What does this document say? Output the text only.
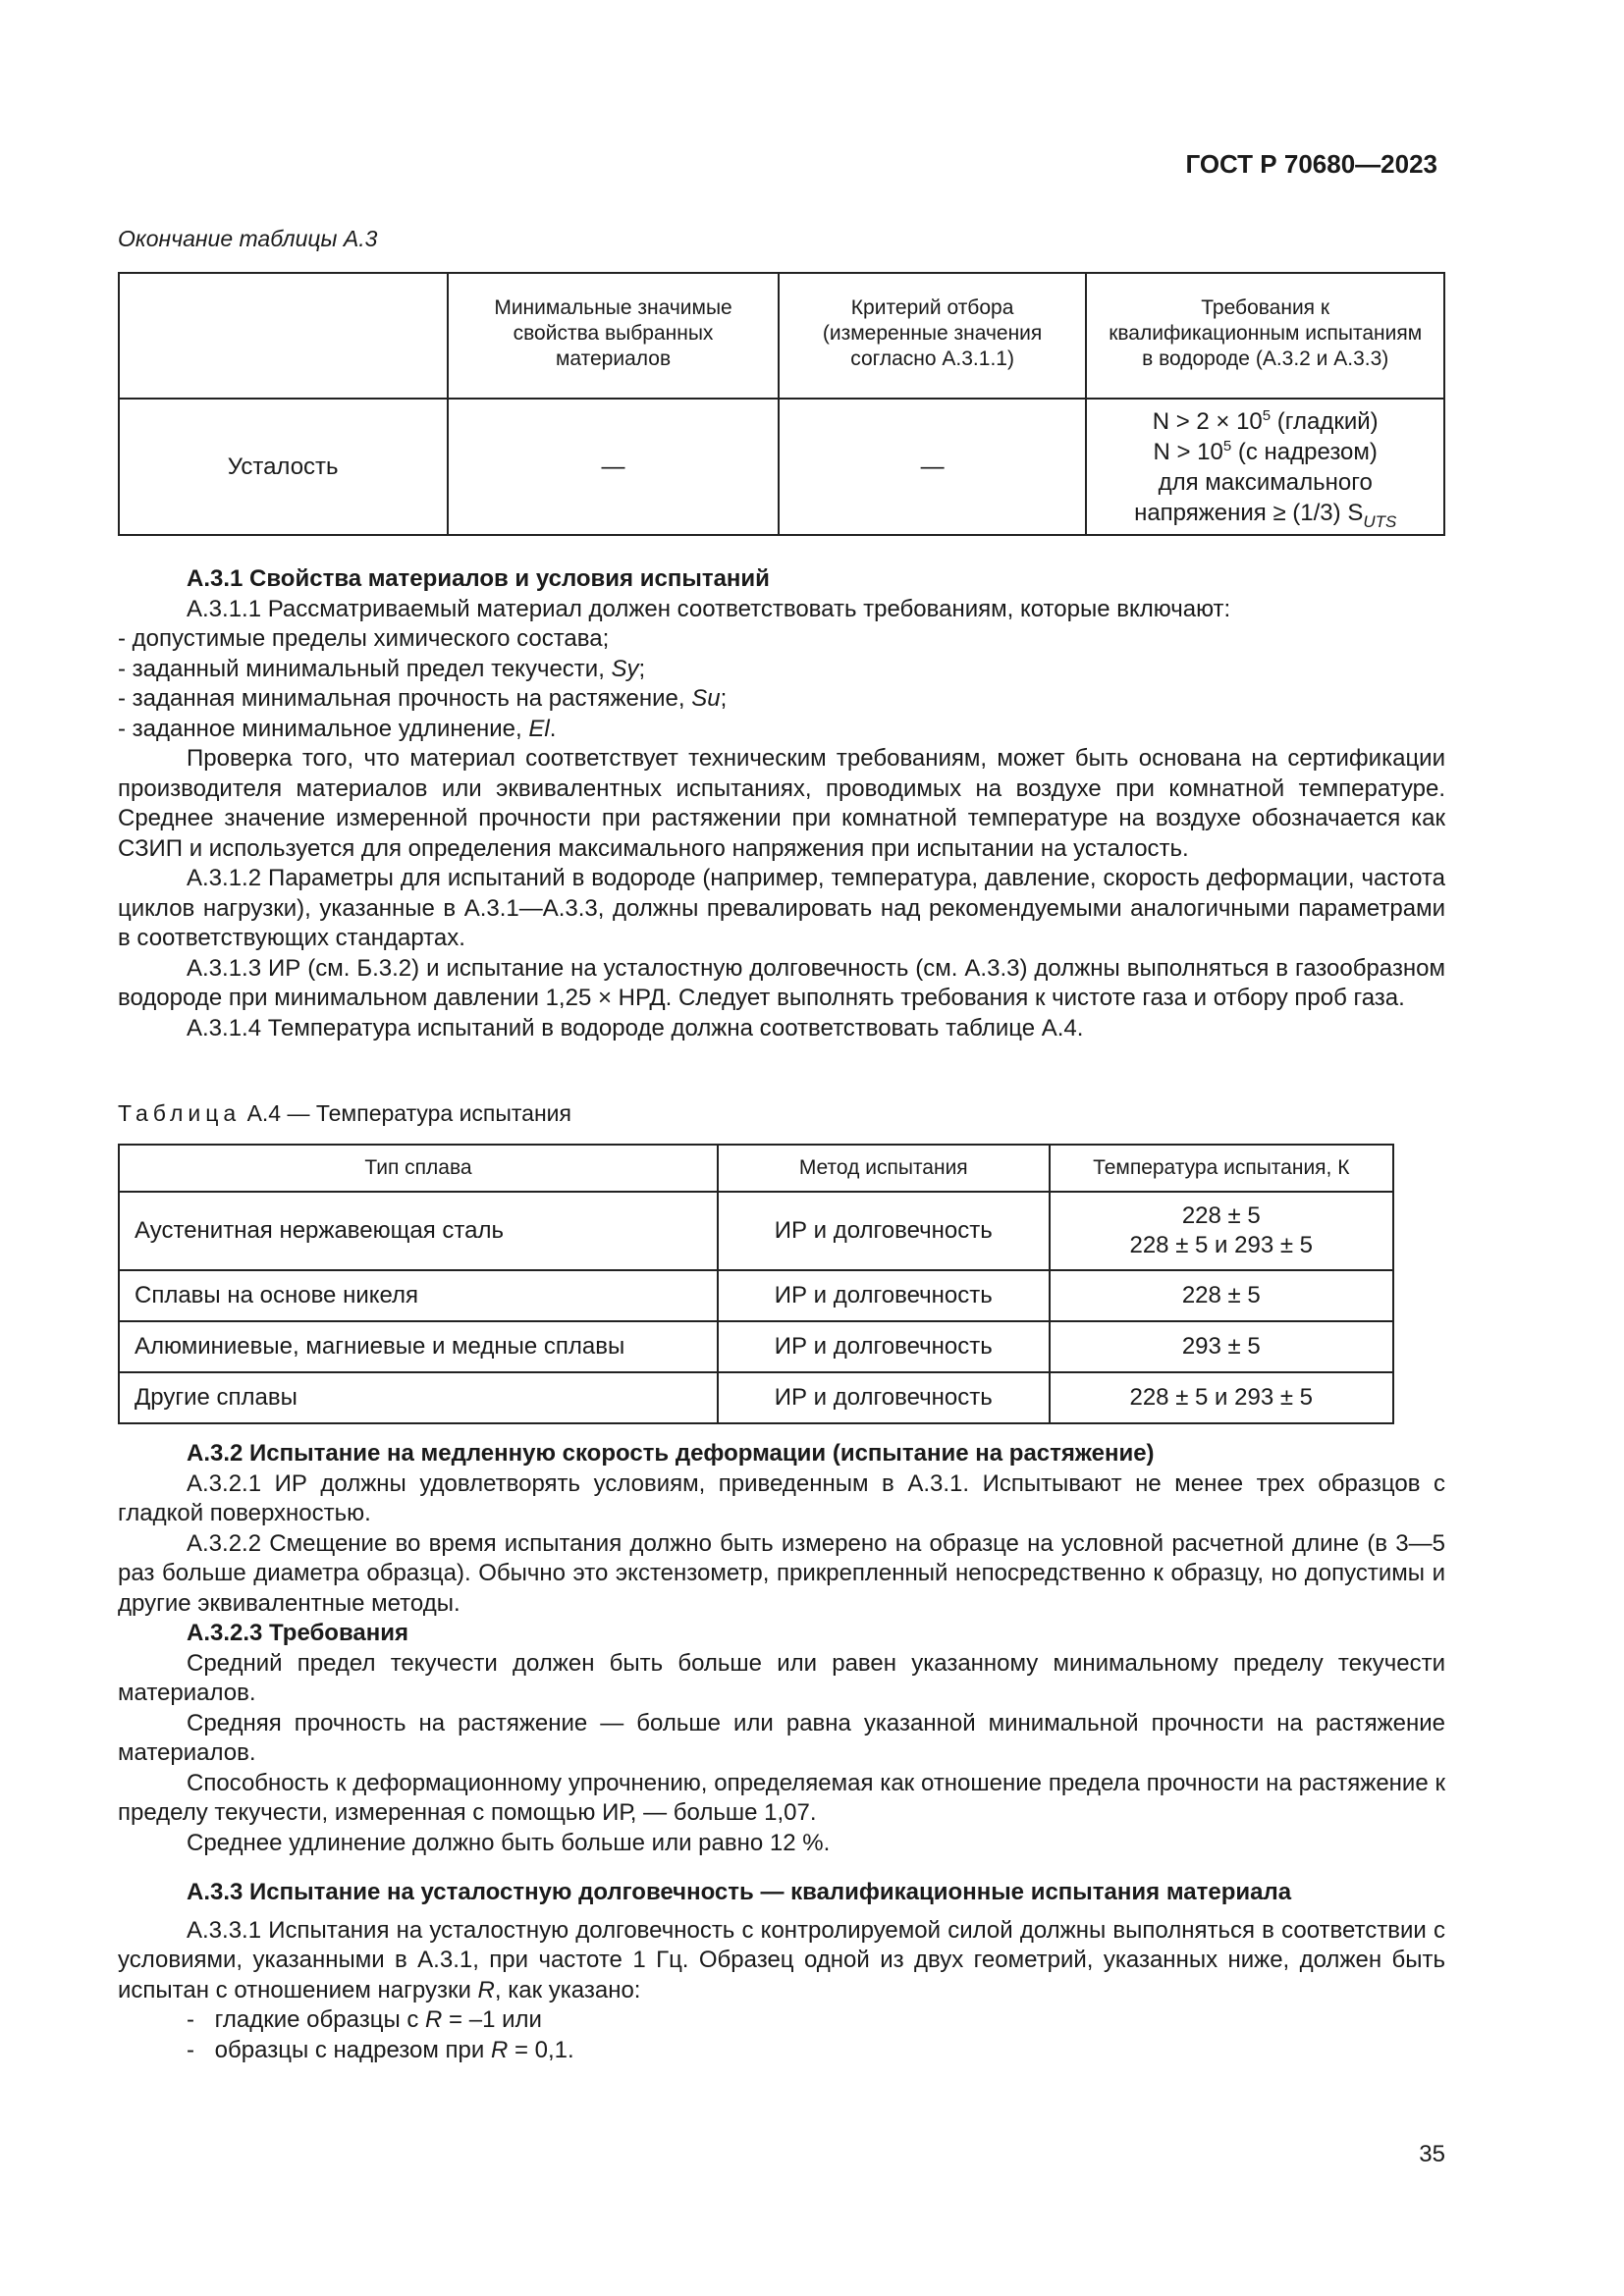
ГОСТ Р 70680—2023
Окончание таблицы А.3
	Минимальные значимые свойства выбранных материалов	Критерий отбора (измеренные значения согласно А.3.1.1)	Требования к квалификационным испытаниям в водороде (А.3.2 и А.3.3)

Усталость	—	—	$N > 2 \times 10^5$ (гладкий)
$N > 10^5$ (с надрезом)
для максимального
напряжения ≥ (1/3) $S_{UTS}$

А.3.1 Свойства материалов и условия испытаний

А.3.1.1 Рассматриваемый материал должен соответствовать требованиям, которые включают:

- допустимые пределы химического состава;

- заданный минимальный предел текучести, Sy;

- заданная минимальная прочность на растяжение, Su;

- заданное минимальное удлинение, El.

Проверка того, что материал соответствует техническим требованиям, может быть основана на сертификации производителя материалов или эквивалентных испытаниях, проводимых на воздухе при комнатной температуре. Среднее значение измеренной прочности при растяжении при комнатной температуре на воздухе обозначается как СЗИП и используется для определения максимального напряжения при испытании на усталость.

А.3.1.2 Параметры для испытаний в водороде (например, температура, давление, скорость деформации, частота циклов нагрузки), указанные в А.3.1—А.3.3, должны превалировать над рекомендуемыми аналогичными параметрами в соответствующих стандартах.

А.3.1.3 ИР (см. Б.3.2) и испытание на усталостную долговечность (см. А.3.3) должны выполняться в газообразном водороде при минимальном давлении 1,25 × НРД. Следует выполнять требования к чистоте газа и отбору проб газа.

А.3.1.4 Температура испытаний в водороде должна соответствовать таблице А.4.

Таблица А.4 — Температура испытания
Тип сплава	Метод испытания	Температура испытания, К
Аустенитная нержавеющая сталь	ИР и долговечность	228 ± 5
228 ± 5 и 293 ± 5

Сплавы на основе никеля	ИР и долговечность	228 ± 5
Алюминиевые, магниевые и медные сплавы	ИР и долговечность	293 ± 5
Другие сплавы	ИР и долговечность	228 ± 5 и 293 ± 5

А.3.2 Испытание на медленную скорость деформации (испытание на растяжение)

А.3.2.1 ИР должны удовлетворять условиям, приведенным в А.3.1. Испытывают не менее трех образцов с гладкой поверхностью.

А.3.2.2 Смещение во время испытания должно быть измерено на образце на условной расчетной длине (в 3—5 раз больше диаметра образца). Обычно это экстензометр, прикрепленный непосредственно к образцу, но допустимы и другие эквивалентные методы.

А.3.2.3 Требования

Средний предел текучести должен быть больше или равен указанному минимальному пределу текучести материалов.

Средняя прочность на растяжение — больше или равна указанной минимальной прочности на растяжение материалов.

Способность к деформационному упрочнению, определяемая как отношение предела прочности на растяжение к пределу текучести, измеренная с помощью ИР, — больше 1,07.

Среднее удлинение должно быть больше или равно 12 %.

А.3.3 Испытание на усталостную долговечность — квалификационные испытания материала

А.3.3.1 Испытания на усталостную долговечность с контролируемой силой должны выполняться в соответствии с условиями, указанными в А.3.1, при частоте 1 Гц. Образец одной из двух геометрий, указанных ниже, должен быть испытан с отношением нагрузки R, как указано:

- гладкие образцы с R = –1 или

- образцы с надрезом при R = 0,1.

35
